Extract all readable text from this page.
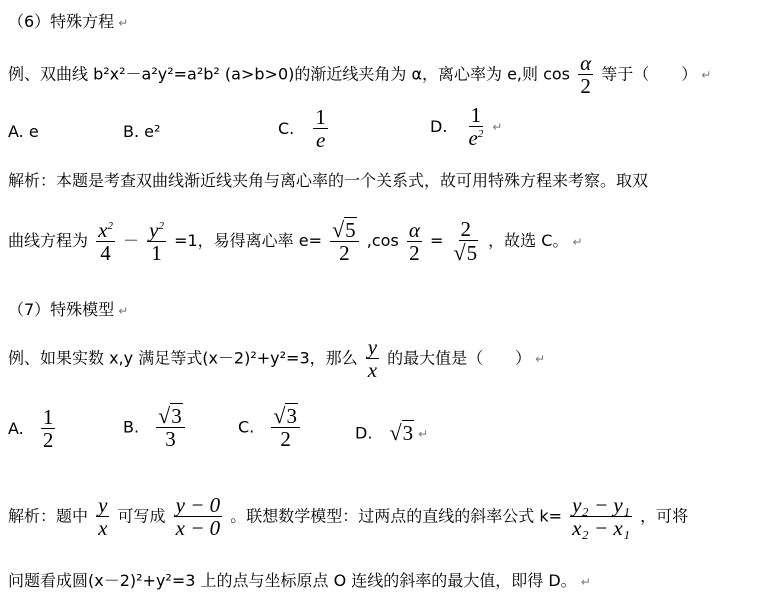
（6）特殊方程 ↵
例、双曲线 b²x²－a²y²=a²b² (a>b>0)的渐近线夹角为 α，离心率为 e,则 $\cos \frac{\alpha}{2}$ 等于（　　） ↵
A. e	B. e²	C. $\frac{1}{e}$	D. $\frac{1}{e^2}$ ↵
解析：本题是考查双曲线渐近线夹角与离心率的一个关系式，故可用特殊方程来考察。取双
曲线方程为 $\frac{x^2}{4} - \frac{y^2}{1} =1$，易得离心率 $e= \frac{√5}{2} ,\cos \frac{\alpha}{2} = \frac{2}{√5}$ ，故选 C。 ↵
（7）特殊模型 ↵
例、如果实数 x,y 满足等式(x－2)²+y²=3，那么 $\frac{y}{x}$ 的最大值是（　　） ↵
A. $\frac{1}{2}$	B. $\frac{√3}{3}$	C. $\frac{√3}{2}$	D. √3 ↵
解析：题中 $\frac{y}{x}$ 可写成 $\frac{y - 0}{x - 0}$ 。联想数学模型：过两点的直线的斜率公式 $k= \frac{\text{y₂ − y₁}}{\text{x₂ − x₁}}$ ，可将
问题看成圆(x－2)²+y²=3 上的点与坐标原点 O 连线的斜率的最大值，即得 D。 ↵
